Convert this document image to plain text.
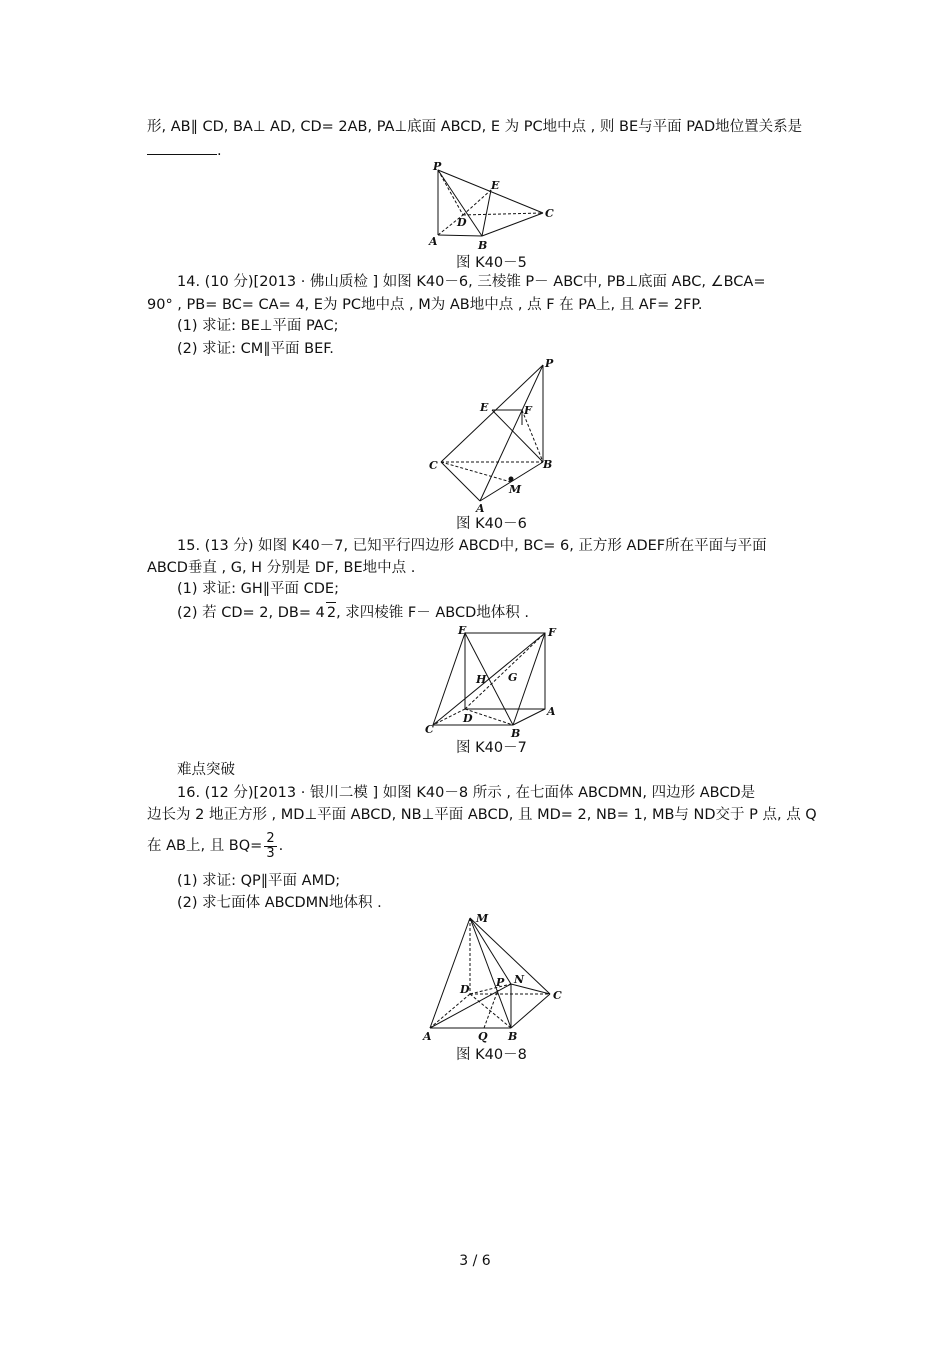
形, AB∥ CD, BA⊥ AD, CD= 2AB, PA⊥底面 ABCD, E 为 PC地中点 , 则 BE与平面 PAD地位置关系是
.
P
E
C
D
A	B
图 K40－5
14. (10 分)[2013 · 佛山质检 ] 如图 K40－6, 三棱锥 P－ ABC中, PB⊥底面 ABC, ∠BCA=
90° , PB= BC= CA= 4, E为 PC地中点 , M为 AB地中点 , 点 F 在 PA上, 且 AF= 2FP.
(1) 求证: BE⊥平面 PAC;
(2) 求证: CM∥平面 BEF.
P
E	F
C	B
M
A
图 K40－6
15. (13 分) 如图 K40－7, 已知平行四边形 ABCD中, BC= 6, 正方形 ADEF所在平面与平面
ABCD垂直 , G, H 分别是 DF, BE地中点 .
(1) 求证: GH∥平面 CDE;
(2) 若 CD= 2, DB= 4 2, 求四棱锥 F－ ABCD地体积 .
E	F
H G
C
D
B
A
图 K40－7
难点突破
16. (12 分)[2013 · 银川二模 ] 如图 K40－8 所示 , 在七面体 ABCDMN, 四边形 ABCD是
边长为 2 地正方形 , MD⊥平面 ABCD, NB⊥平面 ABCD, 且 MD= 2, NB= 1, MB与 ND交于 P 点, 点 Q
在 AB上, 且 $BQ= \frac{2}{3}$ .
(1) 求证: QP∥平面 AMD;
(2) 求七面体 ABCDMN地体积 .
M
D
P N
C
A	Q B
图 K40－8
3 / 6
